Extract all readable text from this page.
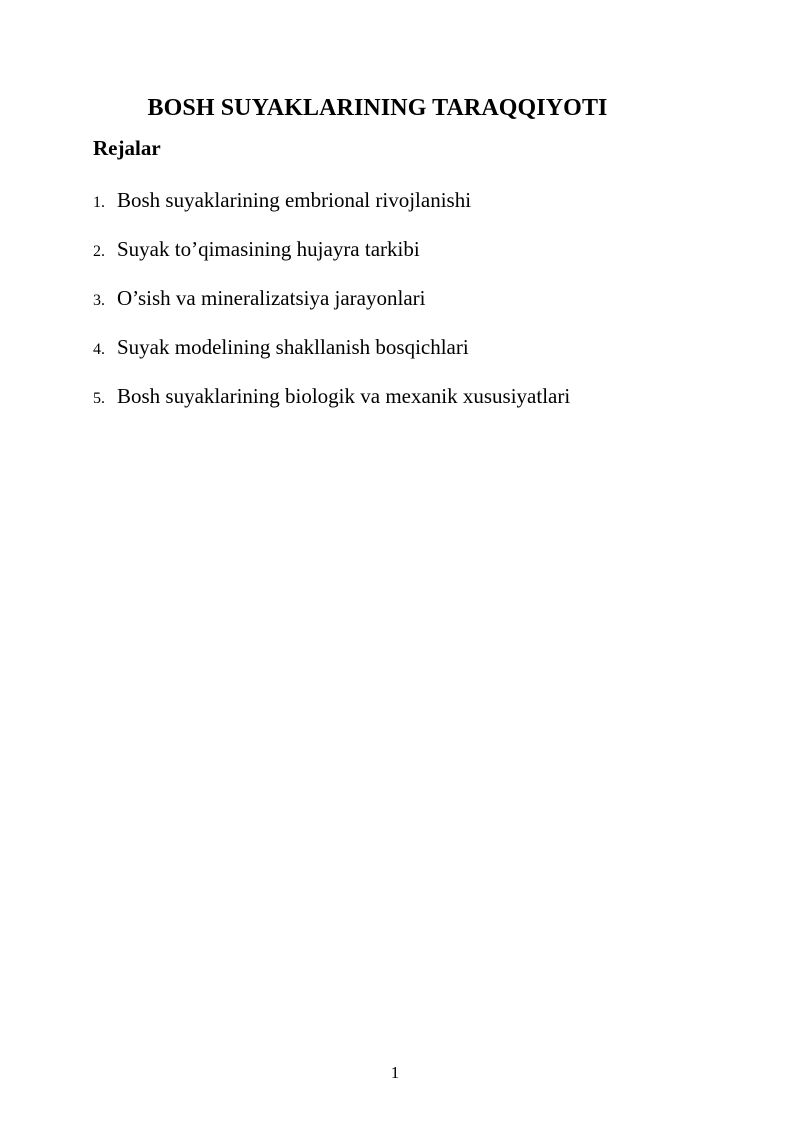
BOSH SUYAKLARINING TARAQQIYOTI
Rejalar
1. Bosh suyaklarining embrional rivojlanishi
2. Suyak to’qimasining hujayra tarkibi
3. O’sish va mineralizatsiya jarayonlari
4. Suyak modelining shakllanish bosqichlari
5. Bosh suyaklarining biologik va mexanik xususiyatlari
1
